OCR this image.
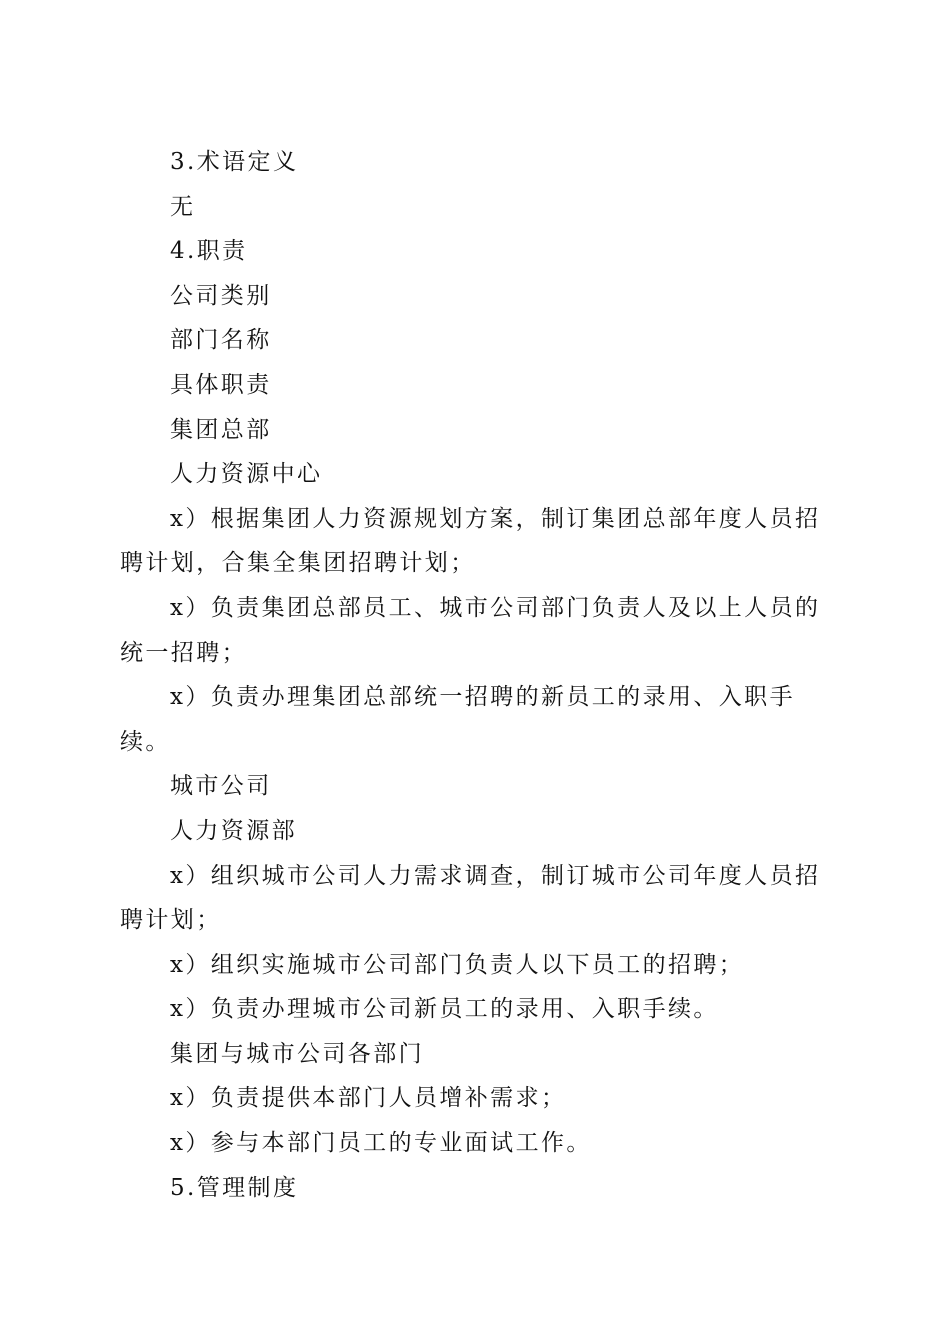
3.术语定义
无
4.职责
公司类别
部门名称
具体职责
集团总部
人力资源中心
x）根据集团人力资源规划方案，制订集团总部年度人员招聘计划，合集全集团招聘计划；
x）负责集团总部员工、城市公司部门负责人及以上人员的统一招聘；
x）负责办理集团总部统一招聘的新员工的录用、入职手续。
城市公司
人力资源部
x）组织城市公司人力需求调查，制订城市公司年度人员招聘计划；
x）组织实施城市公司部门负责人以下员工的招聘；
x）负责办理城市公司新员工的录用、入职手续。
集团与城市公司各部门
x）负责提供本部门人员增补需求；
x）参与本部门员工的专业面试工作。
5.管理制度
